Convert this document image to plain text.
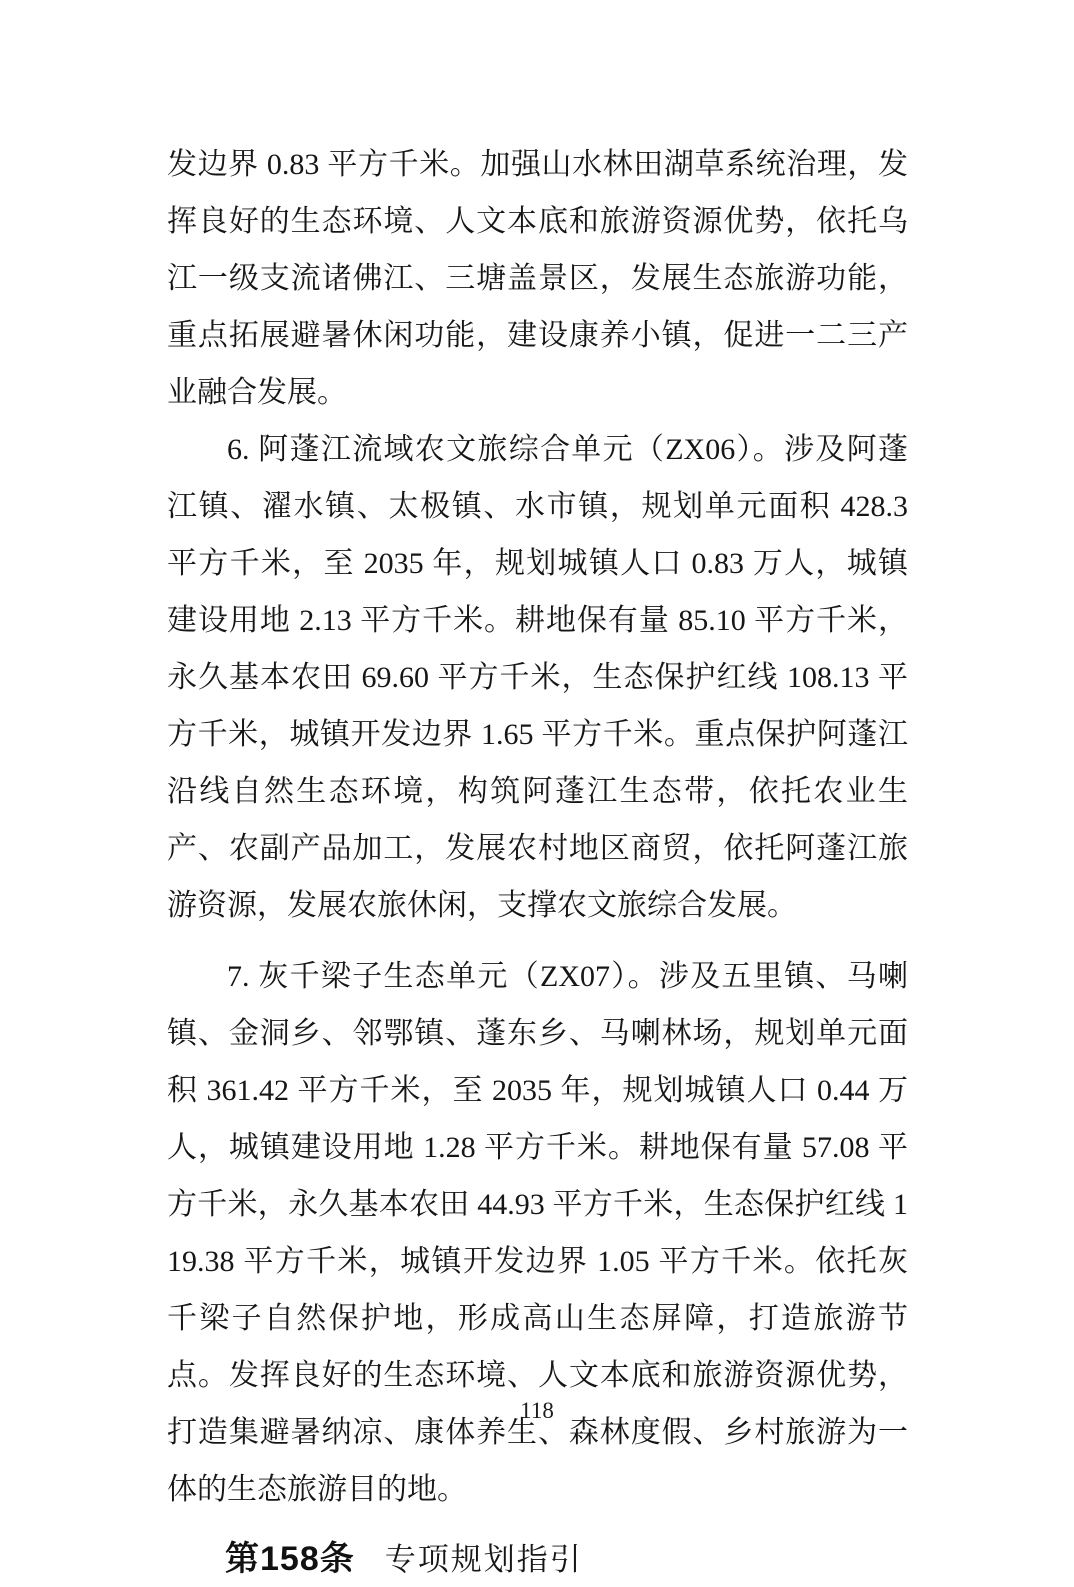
发边界 0.83 平方千米。加强山水林田湖草系统治理，发挥良好的生态环境、人文本底和旅游资源优势，依托乌江一级支流诸佛江、三塘盖景区，发展生态旅游功能，重点拓展避暑休闲功能，建设康养小镇，促进一二三产业融合发展。

6. 阿蓬江流域农文旅综合单元（ZX06）。涉及阿蓬江镇、濯水镇、太极镇、水市镇，规划单元面积 428.3 平方千米，至 2035 年，规划城镇人口 0.83 万人，城镇建设用地 2.13 平方千米。耕地保有量 85.10 平方千米，永久基本农田 69.60 平方千米，生态保护红线 108.13 平方千米，城镇开发边界 1.65 平方千米。重点保护阿蓬江沿线自然生态环境，构筑阿蓬江生态带，依托农业生产、农副产品加工，发展农村地区商贸，依托阿蓬江旅游资源，发展农旅休闲，支撑农文旅综合发展。

7. 灰千梁子生态单元（ZX07）。涉及五里镇、马喇镇、金洞乡、邻鄂镇、蓬东乡、马喇林场，规划单元面积 361.42 平方千米，至 2035 年，规划城镇人口 0.44 万人，城镇建设用地 1.28 平方千米。耕地保有量 57.08 平方千米，永久基本农田 44.93 平方千米，生态保护红线 119.38 平方千米，城镇开发边界 1.05 平方千米。依托灰千梁子自然保护地，形成高山生态屏障，打造旅游节点。发挥良好的生态环境、人文本底和旅游资源优势，打造集避暑纳凉、康体养生、森林度假、乡村旅游为一体的生态旅游目的地。

第158条 专项规划指引
118
